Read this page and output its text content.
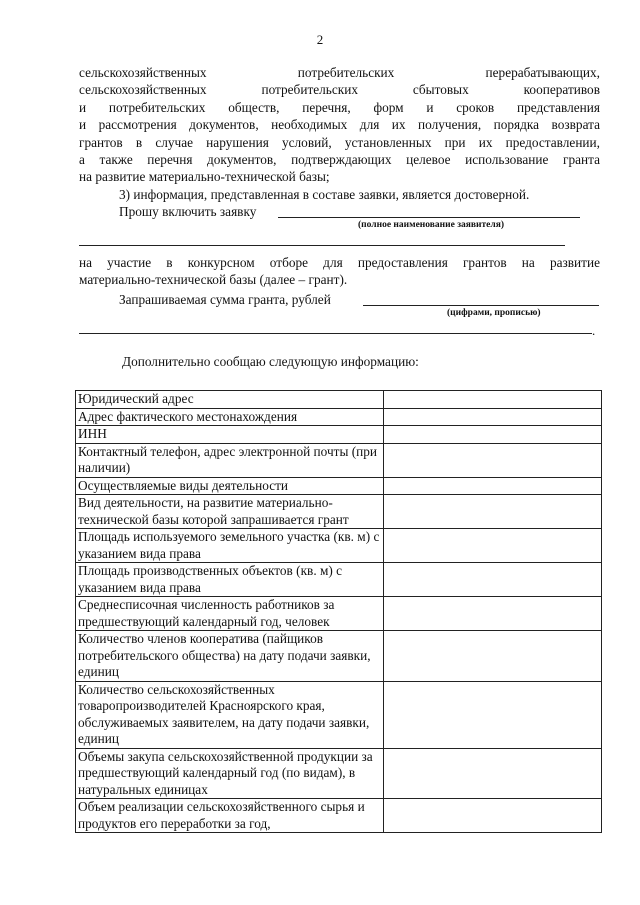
2
сельскохозяйственных потребительских перерабатывающих,
сельскохозяйственных потребительских сбытовых кооперативов
и потребительских обществ, перечня, форм и сроков представления
и рассмотрения документов, необходимых для их получения, порядка возврата
грантов в случае нарушения условий, установленных при их предоставлении,
а также перечня документов, подтверждающих целевое использование гранта
на развитие материально-технической базы;
3) информация, представленная в составе заявки, является достоверной.
Прошу включить заявку
(полное наименование заявителя)
на участие в конкурсном отборе для предоставления грантов на развитие
материально-технической базы (далее – грант).
Запрашиваемая сумма гранта, рублей
(цифрами, прописью)
.
Дополнительно сообщаю следующую информацию:
Юридический адрес	
Адрес фактического местонахождения	
ИНН	
Контактный телефон, адрес электронной почты (при наличии)	
Осуществляемые виды деятельности	
Вид деятельности, на развитие материально-технической базы которой запрашивается грант	
Площадь используемого земельного участка (кв. м) с указанием вида права	
Площадь производственных объектов (кв. м) с указанием вида права	
Среднесписочная численность работников за предшествующий календарный год, человек	
Количество членов кооператива (пайщиков потребительского общества) на дату подачи заявки, единиц	
Количество сельскохозяйственных товаропроизводителей Красноярского края, обслуживаемых заявителем, на дату подачи заявки, единиц	
Объемы закупа сельскохозяйственной продукции за предшествующий календарный год (по видам), в натуральных единицах	
Объем реализации сельскохозяйственного сырья и продуктов его переработки за год,	
